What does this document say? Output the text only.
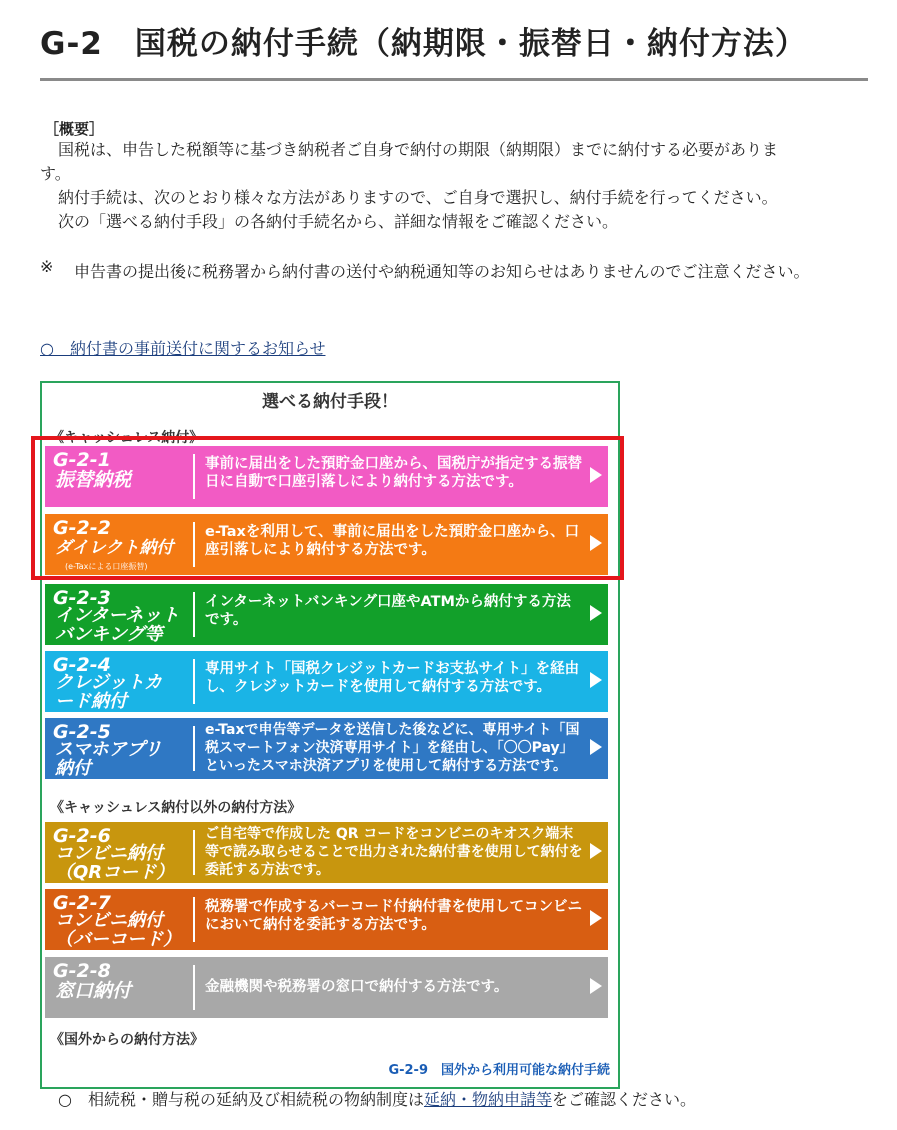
G-2　国税の納付手続（納期限・振替日・納付方法）
［概要］
国税は、申告した税額等に基づき納税者ご自身で納付の期限（納期限）までに納付する必要がありま
す。
納付手続は、次のとおり様々な方法がありますので、ご自身で選択し、納付手続を行ってください。
次の「選べる納付手段」の各納付手続名から、詳細な情報をご確認ください。
※ 申告書の提出後に税務署から納付書の送付や納税通知等のお知らせはありませんのでご注意ください。
○　納付書の事前送付に関するお知らせ
選べる納付手段！
《キャッシュレス納付》
G-2-1
振替納税
事前に届出をした預貯金口座から、国税庁が指定する振替日に自動で口座引落しにより納付する方法です。
G-2-2
ダイレクト納付
(e-Taxによる口座振替)
e-Taxを利用して、事前に届出をした預貯金口座から、口座引落しにより納付する方法です。
G-2-3
インターネットバンキング等
インターネットバンキング口座やATMから納付する方法です。
G-2-4
クレジットカード納付
専用サイト「国税クレジットカードお支払サイト」を経由し、クレジットカードを使用して納付する方法です。
G-2-5
スマホアプリ納付
e-Taxで申告等データを送信した後などに、専用サイト「国税スマートフォン決済専用サイト」を経由し、「〇〇Pay」といったスマホ決済アプリを使用して納付する方法です。
《キャッシュレス納付以外の納付方法》
G-2-6
コンビニ納付（QRコード）
ご自宅等で作成した QR コードをコンビニのキオスク端末等で読み取らせることで出力された納付書を使用して納付を委託する方法です。
G-2-7
コンビニ納付（バーコード）
税務署で作成するバーコード付納付書を使用してコンビニにおいて納付を委託する方法です。
G-2-8
窓口納付	金融機関や税務署の窓口で納付する方法です。
《国外からの納付方法》
G-2-9　国外から利用可能な納付手続
○　相続税・贈与税の延納及び相続税の物納制度は延納・物納申請等をご確認ください。
